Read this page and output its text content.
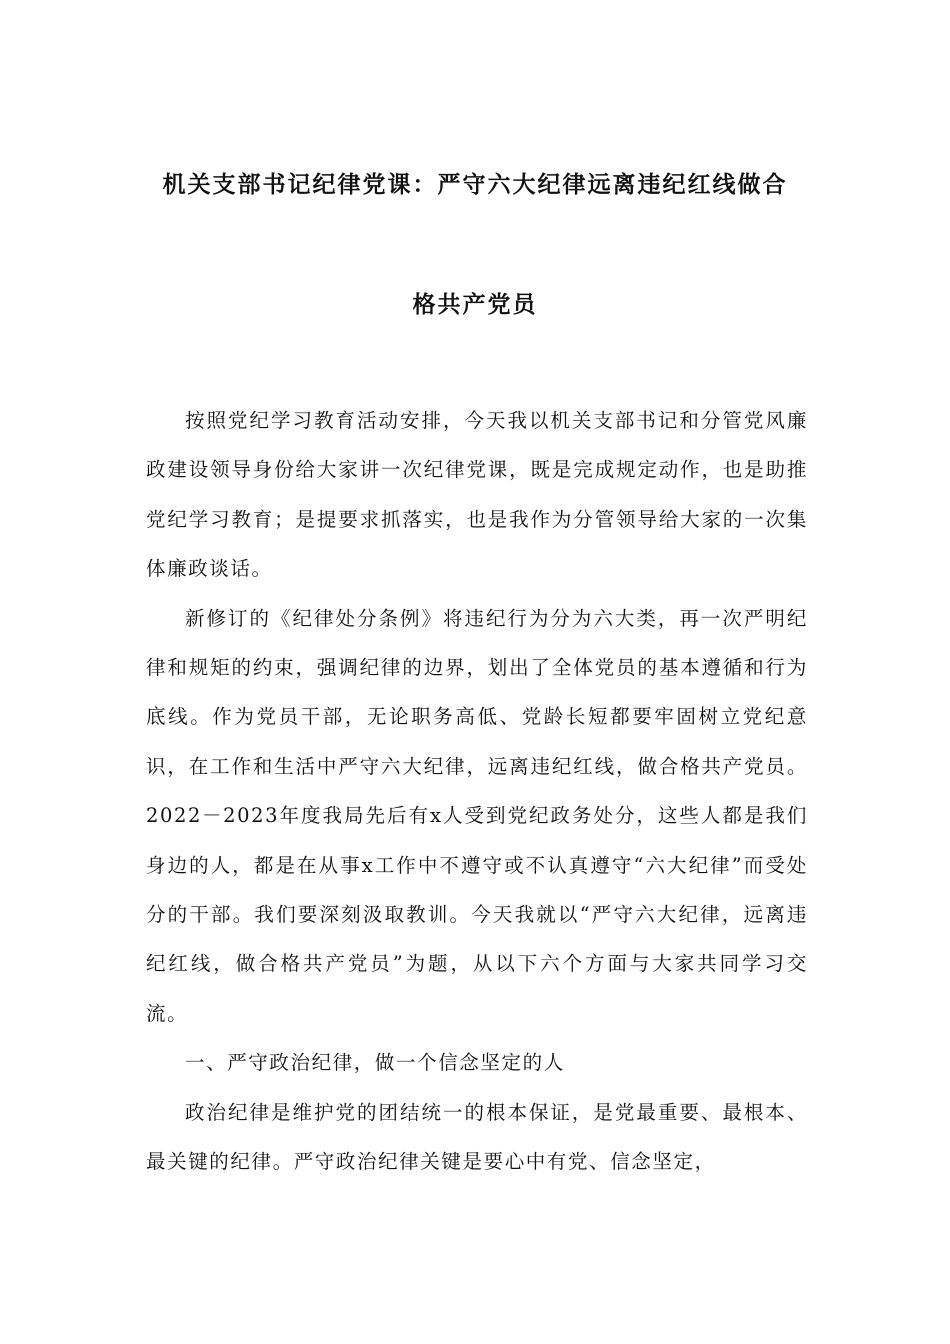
机关支部书记纪律党课：严守六大纪律远离违纪红线做合
格共产党员

按照党纪学习教育活动安排，今天我以机关支部书记和分管党风廉政建设领导身份给大家讲一次纪律党课，既是完成规定动作，也是助推党纪学习教育；是提要求抓落实，也是我作为分管领导给大家的一次集体廉政谈话。

新修订的《纪律处分条例》将违纪行为分为六大类，再一次严明纪律和规矩的约束，强调纪律的边界，划出了全体党员的基本遵循和行为底线。作为党员干部，无论职务高低、党龄长短都要牢固树立党纪意识，在工作和生活中严守六大纪律，远离违纪红线，做合格共产党员。2022－2023年度我局先后有x人受到党纪政务处分，这些人都是我们身边的人，都是在从事x工作中不遵守或不认真遵守“六大纪律”而受处分的干部。我们要深刻汲取教训。今天我就以“严守六大纪律，远离违纪红线，做合格共产党员”为题，从以下六个方面与大家共同学习交流。

一、严守政治纪律，做一个信念坚定的人

政治纪律是维护党的团结统一的根本保证，是党最重要、最根本、最关键的纪律。严守政治纪律关键是要心中有党、信念坚定，
